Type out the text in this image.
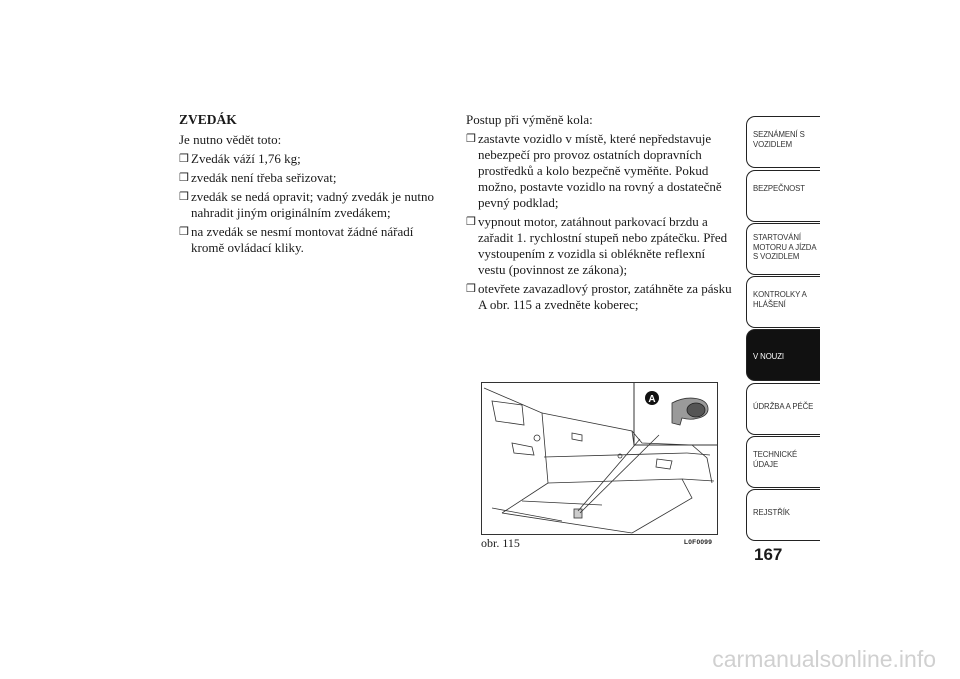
ZVEDÁK
Je nutno vědět toto:
❒ Zvedák váží 1,76 kg;
❒ zvedák není třeba seřizovat;
❒ zvedák se nedá opravit; vadný zvedák je nutno nahradit jiným originálním zvedákem;
❒ na zvedák se nesmí montovat žádné nářadí kromě ovládací kliky.
Postup při výměně kola:
❒ zastavte vozidlo v místě, které nepředstavuje nebezpečí pro provoz ostatních dopravních prostředků a kolo bezpečně vyměňte. Pokud možno, postavte vozidlo na rovný a dostatečně pevný podklad;
❒ vypnout motor, zatáhnout parkovací brzdu a zařadit 1. rychlostní stupeň nebo zpátečku. Před vystoupením z vozidla si oblékněte reflexní vestu (povinnost ze zákona);
❒ otevřete zavazadlový prostor, zatáhněte za pásku A obr. 115 a zvedněte koberec;
A
obr. 115	L0F0099
SEZNÁMENÍ S VOZIDLEM
BEZPEČNOST
STARTOVÁNÍ MOTORU A JÍZDA S VOZIDLEM
KONTROLKY A HLÁŠENÍ
V NOUZI
ÚDRŽBA A PÉČE
TECHNICKÉ ÚDAJE
REJSTŘÍK
167
carmanualsonline.info
